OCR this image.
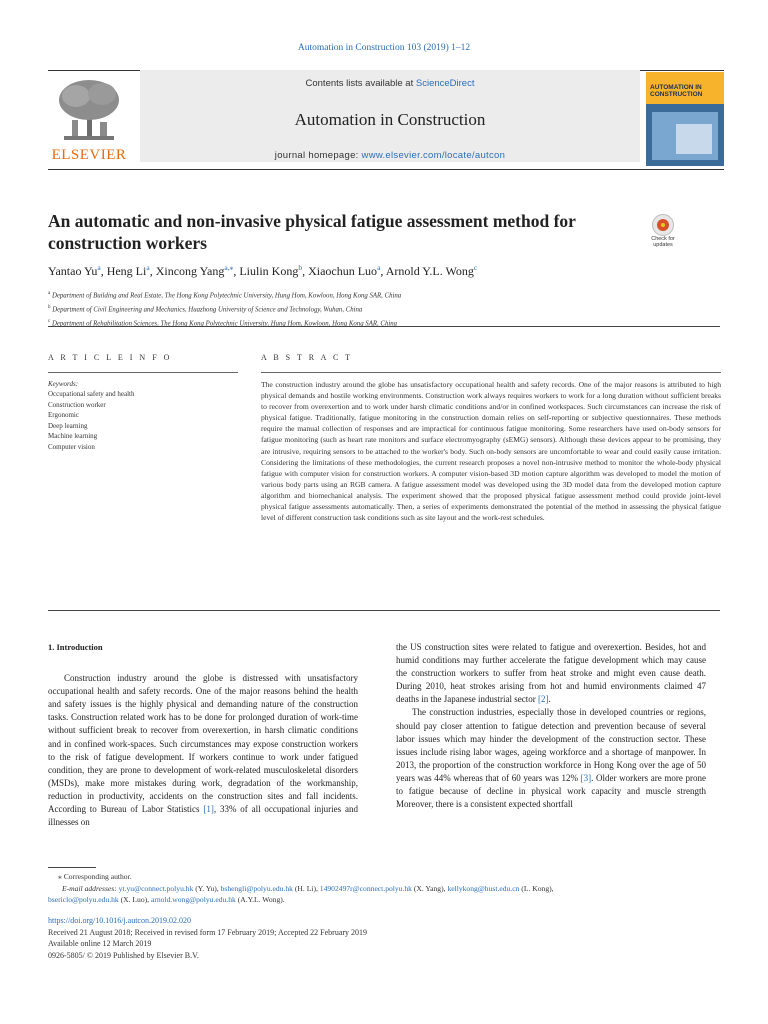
Automation in Construction 103 (2019) 1–12
ELSEVIER
Contents lists available at ScienceDirect
Automation in Construction
journal homepage: www.elsevier.com/locate/autcon
AUTOMATION IN CONSTRUCTION
An automatic and non-invasive physical fatigue assessment method for construction workers	Check for updates
Yantao Yu$^a$, Heng Li$^a$, Xincong Yang$^{a,⁎}$, Liulin Kong$^b$, Xiaochun Luo$^a$, Arnold Y.L. Wong$^c$
$^a$ Department of Building and Real Estate, The Hong Kong Polytechnic University, Hung Hom, Kowloon, Hong Kong SAR, China
$^b$ Department of Civil Engineering and Mechanics, Huazhong University of Science and Technology, Wuhan, China
$^c$ Department of Rehabilitation Sciences, The Hong Kong Polytechnic University, Hung Hom, Kowloon, Hong Kong SAR, China
A R T I C L E I N F O	A B S T R A C T
Keywords:
Occupational safety and health
Construction worker
Ergonomic
Deep learning
Machine learning
Computer vision

The construction industry around the globe has unsatisfactory occupational health and safety records. One of the major reasons is attributed to high physical demands and hostile working environments. Construction work always requires workers to work for a long duration without sufficient breaks to recover from overexertion and to work under harsh climatic conditions and/or in confined workspaces. Such circumstances can increase the risk of physical fatigue. Traditionally, fatigue monitoring in the construction domain relies on self-reporting or subjective questionnaires. These methods require the manual collection of responses and are impractical for continuous fatigue monitoring. Some researchers have used on-body sensors for fatigue monitoring (such as heart rate monitors and surface electromyography (sEMG) sensors). Although these devices appear to be promising, they are intrusive, requiring sensors to be attached to the worker's body. Such on-body sensors are uncomfortable to wear and could easily cause irritation. Considering the limitations of these methodologies, the current research proposes a novel non-intrusive method to monitor the whole-body physical fatigue with computer vision for construction workers. A computer vision-based 3D motion capture algorithm was developed to model the motion of various body parts using an RGB camera. A fatigue assessment model was developed using the 3D model data from the developed motion capture algorithm and biomechanical analysis. The experiment showed that the proposed physical fatigue assessment method could provide joint-level physical fatigue assessments automatically. Then, a series of experiments demonstrated the potential of the method in assessing the physical fatigue level of different construction task conditions such as site layout and the work-rest schedules.

1. Introduction

Construction industry around the globe is distressed with unsatisfactory occupational health and safety records. One of the major reasons behind the health and safety issues is the highly physical and demanding nature of the construction tasks. Construction related work has to be done for prolonged duration of work-time without sufficient break to recover from overexertion, in harsh climatic conditions and in confined work-spaces. Such circumstances may expose construction workers to the risk of fatigue development. If workers continue to work under fatigued condition, they are prone to development of work-related musculoskeletal disorders (MSDs), make more mistakes during work, degradation of the workmanship, reduction in productivity, accidents on the construction sites and fall incidents. According to Bureau of Labor Statistics [1], 33% of all occupational injuries and illnesses on

the US construction sites were related to fatigue and overexertion. Besides, hot and humid conditions may further accelerate the fatigue development which may cause the construction workers to suffer from heat stroke and might even cause death. During 2010, heat strokes arising from hot and humid environments claimed 47 deaths in the Japanese industrial sector [2].

The construction industries, especially those in developed countries or regions, should pay closer attention to fatigue detection and prevention because of several labor issues which may hinder the development of the construction sector. These issues include rising labor wages, ageing workforce and a shortage of manpower. In 2013, the proportion of the construction workforce in Hong Kong over the age of 50 years was 44% whereas that of 60 years was 12% [3]. Older workers are more prone to fatigue because of decline in physical work capacity and muscle strength Moreover, there is a consistent expected shortfall

⁎ Corresponding author.
E-mail addresses: yt.yu@connect.polyu.hk (Y. Yu), bshengli@polyu.edu.hk (H. Li), 14902497r@connect.polyu.hk (X. Yang), kellykong@hust.edu.cn (L. Kong),
bsericlo@polyu.edu.hk (X. Luo), arnold.wong@polyu.edu.hk (A.Y.L. Wong).
https://doi.org/10.1016/j.autcon.2019.02.020
Received 21 August 2018; Received in revised form 17 February 2019; Accepted 22 February 2019
Available online 12 March 2019
0926-5805/ © 2019 Published by Elsevier B.V.
